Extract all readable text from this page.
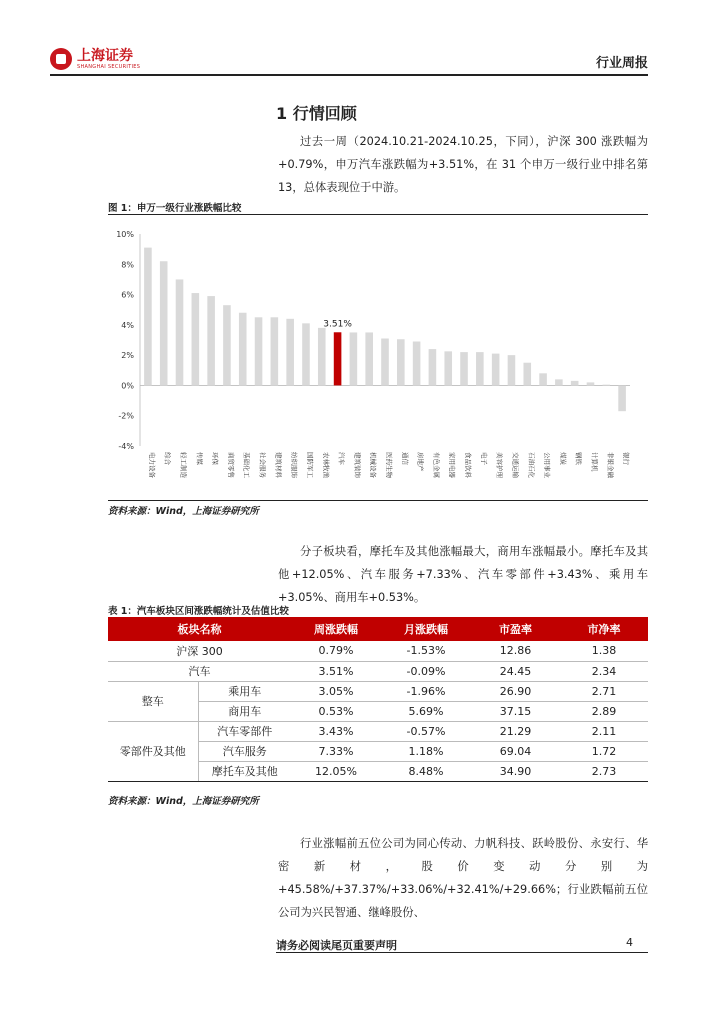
上海证券
SHANGHAI SECURITIES	行业周报
1 行情回顾

过去一周（2024.10.21-2024.10.25，下同），沪深 300 涨跌幅为+0.79%，申万汽车涨跌幅为+3.51%，在 31 个申万一级行业中排名第 13，总体表现位于中游。

图 1：申万一级行业涨跌幅比较
-4%
-2%
0%
2%
4%
6%
8%
10%
电力设备 综合 轻工制造 传媒 环保 商贸零售 基础化工 社会服务 建筑材料 纺织服饰 国防军工 农林牧渔
3.51%
汽车 建筑装饰 机械设备 医药生物 通信 房地产 有色金属 家用电器 食品饮料 电子 美容护理 交通运输 石油石化 公用事业 煤炭 钢铁 计算机 非银金融 银行
资料来源：Wind，上海证券研究所

分子板块看，摩托车及其他涨幅最大，商用车涨幅最小。摩托车及其他+12.05%、汽车服务+7.33%、汽车零部件+3.43%、乘用车+3.05%、商用车+0.53%。

表 1：汽车板块区间涨跌幅统计及估值比较
板块名称		周涨跌幅	月涨跌幅	市盈率	市净率
沪深 300		0.79%	-1.53%	12.86	1.38
汽车		3.51%	-0.09%	24.45	2.34
整车	乘用车	3.05%	-1.96%	26.90	2.71
	商用车	0.53%	5.69%	37.15	2.89
零部件及其他	汽车零部件	3.43%	-0.57%	21.29	2.11
	汽车服务	7.33%	1.18%	69.04	1.72
	摩托车及其他	12.05%	8.48%	34.90	2.73
资料来源：Wind，上海证券研究所

行业涨幅前五位公司为同心传动、力帆科技、跃岭股份、永安行、华密新材，股价变动分别为+45.58%/+37.37%/+33.06%/+32.41%/+29.66%；行业跌幅前五位公司为兴民智通、继峰股份、

请务必阅读尾页重要声明	4
